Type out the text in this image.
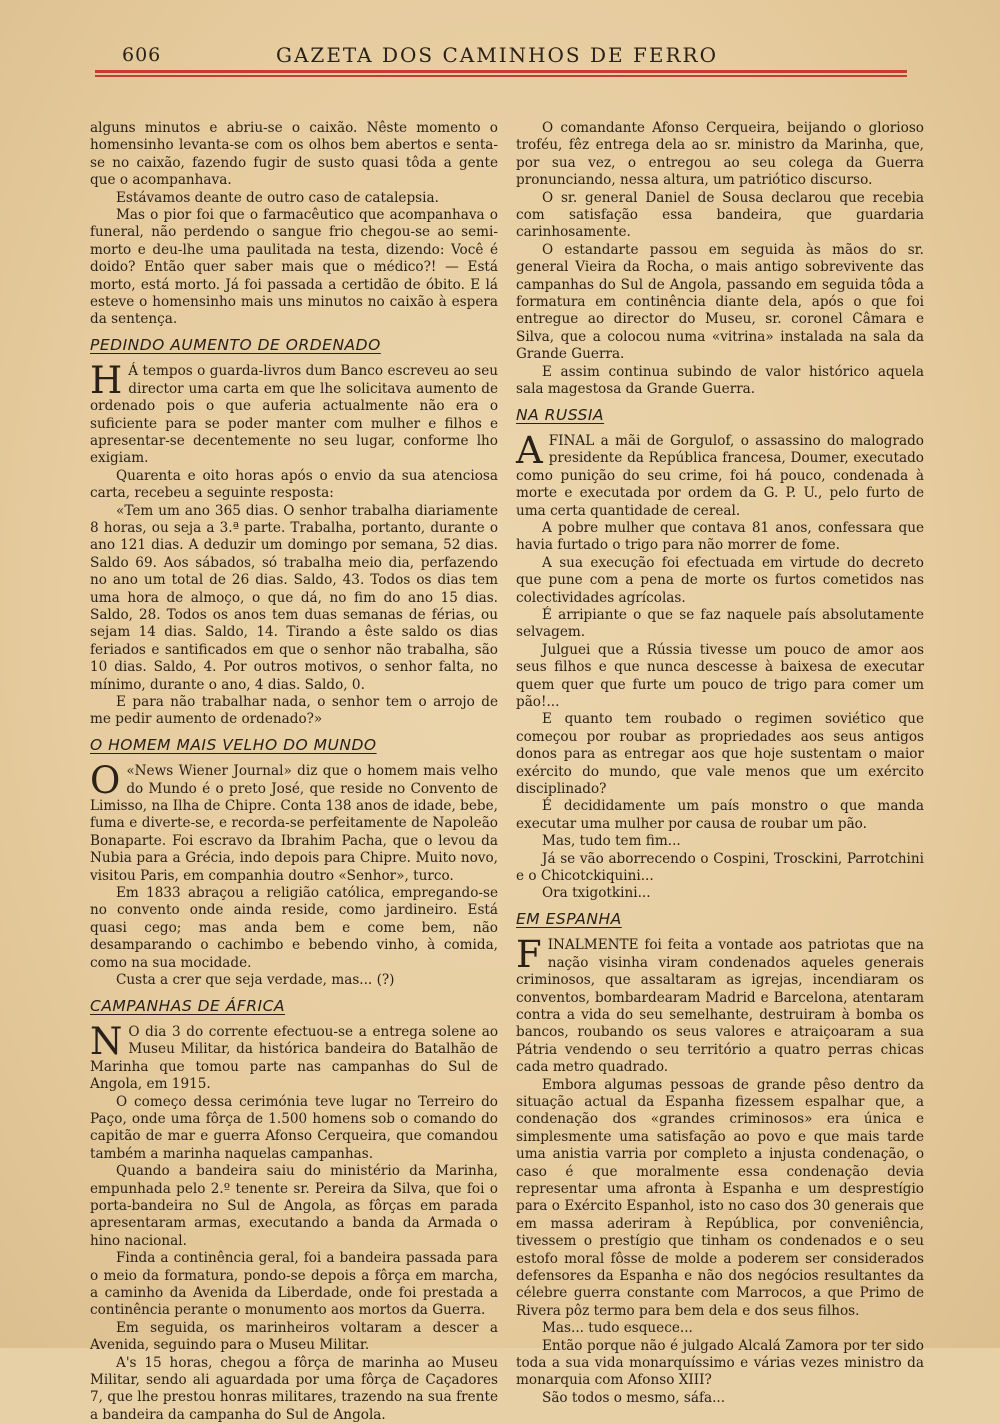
606	GAZETA DOS CAMINHOS DE FERRO

alguns minutos e abriu-se o caixão. Nêste momento o homensinho levanta-se com os olhos bem abertos e senta-se no caixão, fazendo fugir de susto quasi tôda a gente que o acompanhava.

Estávamos deante de outro caso de catalepsia.

Mas o pior foi que o farmacêutico que acompanhava o funeral, não perdendo o sangue frio chegou-se ao semi-morto e deu-lhe uma paulitada na testa, dizendo: Você é doido? Então quer saber mais que o médico?! — Está morto, está morto. Já foi passada a certidão de óbito. E lá esteve o homensinho mais uns minutos no caixão à espera da sentença.

PEDINDO AUMENTO DE ORDENADO

H Á tempos o guarda-livros dum Banco escreveu ao seu director uma carta em que lhe solicitava aumento de ordenado pois o que auferia actualmente não era o suficiente para se poder manter com mulher e filhos e apresentar-se decentemente no seu lugar, conforme lho exigiam.

Quarenta e oito horas após o envio da sua atenciosa carta, recebeu a seguinte resposta:

«Tem um ano 365 dias. O senhor trabalha diariamente 8 horas, ou seja a 3.ª parte. Trabalha, portanto, durante o ano 121 dias. A deduzir um domingo por semana, 52 dias. Saldo 69. Aos sábados, só trabalha meio dia, perfazendo no ano um total de 26 dias. Saldo, 43. Todos os dias tem uma hora de almoço, o que dá, no fim do ano 15 dias. Saldo, 28. Todos os anos tem duas semanas de férias, ou sejam 14 dias. Saldo, 14. Tirando a êste saldo os dias feriados e santificados em que o senhor não trabalha, são 10 dias. Saldo, 4. Por outros motivos, o senhor falta, no mínimo, durante o ano, 4 dias. Saldo, 0.

E para não trabalhar nada, o senhor tem o arrojo de me pedir aumento de ordenado?»

O HOMEM MAIS VELHO DO MUNDO

O «News Wiener Journal» diz que o homem mais velho do Mundo é o preto José, que reside no Convento de Limisso, na Ilha de Chipre. Conta 138 anos de idade, bebe, fuma e diverte-se, e recorda-se perfeitamente de Napoleão Bonaparte. Foi escravo da Ibrahim Pacha, que o levou da Nubia para a Grécia, indo depois para Chipre. Muito novo, visitou Paris, em companhia doutro «Senhor», turco.

Em 1833 abraçou a religião católica, empregando-se no convento onde ainda reside, como jardineiro. Está quasi cego; mas anda bem e come bem, não desamparando o cachimbo e bebendo vinho, à comida, como na sua mocidade.

Custa a crer que seja verdade, mas... (?)

CAMPANHAS DE ÁFRICA

N O dia 3 do corrente efectuou-se a entrega solene ao Museu Militar, da histórica bandeira do Batalhão de Marinha que tomou parte nas campanhas do Sul de Angola, em 1915.

O começo dessa cerimónia teve lugar no Terreiro do Paço, onde uma fôrça de 1.500 homens sob o comando do capitão de mar e guerra Afonso Cerqueira, que comandou também a marinha naquelas campanhas.

Quando a bandeira saiu do ministério da Marinha, empunhada pelo 2.º tenente sr. Pereira da Silva, que foi o porta-bandeira no Sul de Angola, as fôrças em parada apresentaram armas, executando a banda da Armada o hino nacional.

Finda a continência geral, foi a bandeira passada para o meio da formatura, pondo-se depois a fôrça em marcha, a caminho da Avenida da Liberdade, onde foi prestada a continência perante o monumento aos mortos da Guerra.

Em seguida, os marinheiros voltaram a descer a Avenida, seguindo para o Museu Militar.

A's 15 horas, chegou a fôrça de marinha ao Museu Militar, sendo ali aguardada por uma fôrça de Caçadores 7, que lhe prestou honras militares, trazendo na sua frente a bandeira da campanha do Sul de Angola.

O comandante Afonso Cerqueira, beijando o glorioso troféu, fêz entrega dela ao sr. ministro da Marinha, que, por sua vez, o entregou ao seu colega da Guerra pronunciando, nessa altura, um patriótico discurso.

O sr. general Daniel de Sousa declarou que recebia com satisfação essa bandeira, que guardaria carinhosamente.

O estandarte passou em seguida às mãos do sr. general Vieira da Rocha, o mais antigo sobrevivente das campanhas do Sul de Angola, passando em seguida tôda a formatura em continência diante dela, após o que foi entregue ao director do Museu, sr. coronel Câmara e Silva, que a colocou numa «vitrina» instalada na sala da Grande Guerra.

E assim continua subindo de valor histórico aquela sala magestosa da Grande Guerra.

NA RUSSIA

AFINAL a mãi de Gorgulof, o assassino do malogrado presidente da República francesa, Doumer, executado como punição do seu crime, foi há pouco, condenada à morte e executada por ordem da G. P. U., pelo furto de uma certa quantidade de cereal.

A pobre mulher que contava 81 anos, confessara que havia furtado o trigo para não morrer de fome.

A sua execução foi efectuada em virtude do decreto que pune com a pena de morte os furtos cometidos nas colectividades agrícolas.

É arripiante o que se faz naquele país absolutamente selvagem.

Julguei que a Rússia tivesse um pouco de amor aos seus filhos e que nunca descesse à baixesa de executar quem quer que furte um pouco de trigo para comer um pão!...

E quanto tem roubado o regimen soviético que começou por roubar as propriedades aos seus antigos donos para as entregar aos que hoje sustentam o maior exército do mundo, que vale menos que um exército disciplinado?

É decididamente um país monstro o que manda executar uma mulher por causa de roubar um pão.

Mas, tudo tem fim...

Já se vão aborrecendo o Cospini, Trosckini, Parrotchini e o Chicotckiquini...

Ora txigotkini...

EM ESPANHA

FINALMENTE foi feita a vontade aos patriotas que na nação visinha viram condenados aqueles generais criminosos, que assaltaram as igrejas, incendiaram os conventos, bombardearam Madrid e Barcelona, atentaram contra a vida do seu semelhante, destruiram à bomba os bancos, roubando os seus valores e atraiçoaram a sua Pátria vendendo o seu território a quatro perras chicas cada metro quadrado.

Embora algumas pessoas de grande pêso dentro da situação actual da Espanha fizessem espalhar que, a condenação dos «grandes criminosos» era única e simplesmente uma satisfação ao povo e que mais tarde uma anistia varria por completo a injusta condenação, o caso é que moralmente essa condenação devia representar uma afronta à Espanha e um desprestígio para o Exército Espanhol, isto no caso dos 30 generais que em massa aderiram à República, por conveniência, tivessem o prestígio que tinham os condenados e o seu estofo moral fôsse de molde a poderem ser considerados defensores da Espanha e não dos negócios resultantes da célebre guerra constante com Marrocos, a que Primo de Rivera pôz termo para bem dela e dos seus filhos.

Mas... tudo esquece...

Então porque não é julgado Alcalá Zamora por ter sido toda a sua vida monarquíssimo e várias vezes ministro da monarquia com Afonso XIII?

São todos o mesmo, sáfa...
